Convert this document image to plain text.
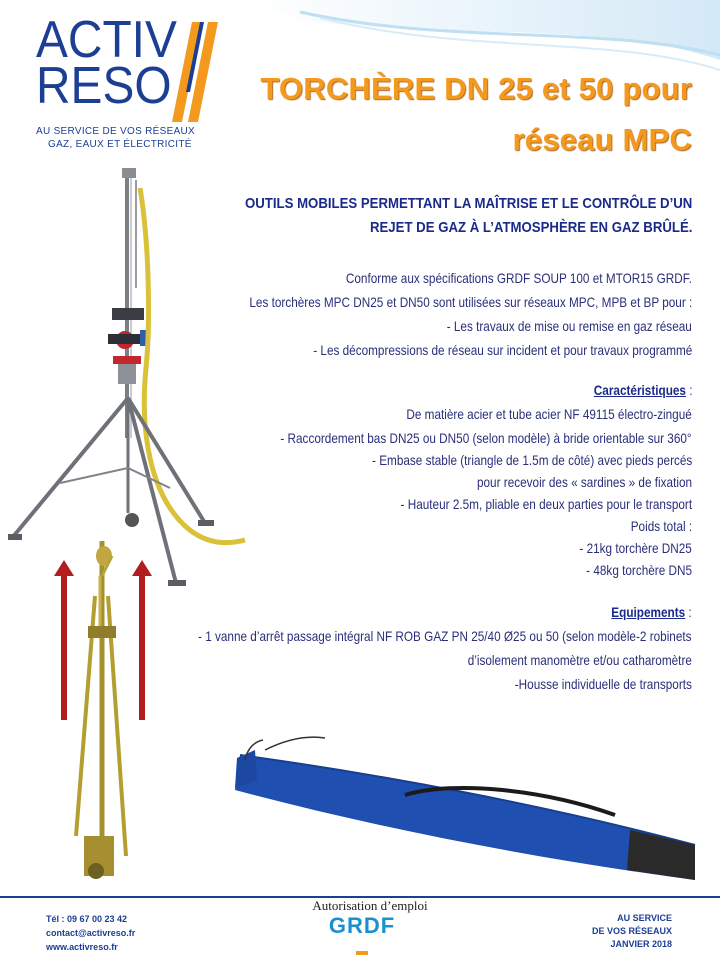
ACTIV
RESO
AU SERVICE DE VOS RÉSEAUX
GAZ, EAUX ET ÉLECTRICITÉ
TORCHÈRE DN 25 et 50 pour
réseau MPC
OUTILS MOBILES PERMETTANT LA MAÎTRISE ET LE CONTRÔLE D’UN
REJET DE GAZ À L’ATMOSPHÈRE EN GAZ BRÛLÉ.
Conforme aux spécifications GRDF SOUP 100 et MTOR15 GRDF.
Les torchères MPC DN25 et DN50 sont utilisées sur réseaux MPC, MPB et BP pour :
- Les travaux de mise ou remise en gaz réseau
- Les décompressions de réseau sur incident et pour travaux programmé
Caractéristiques :
De matière acier et tube acier NF 49115 électro-zingué
- Raccordement bas DN25 ou DN50 (selon modèle) à bride orientable sur 360°
- Embase stable (triangle de 1.5m de côté) avec pieds percés
pour recevoir des « sardines » de fixation
- Hauteur 2.5m, pliable en deux parties pour le transport
Poids total :
- 21kg torchère DN25
- 48kg torchère DN5
Equipements :
- 1 vanne d’arrêt passage intégral NF ROB GAZ PN 25/40 Ø25 ou 50 (selon modèle-2 robinets
d’isolement manomètre et/ou catharomètre
-Housse individuelle de transports
Tél : 09 67 00 23 42
contact@activreso.fr
www.activreso.fr
Autorisation d’emploi
GRDF	AU SERVICE
DE VOS RÉSEAUX
JANVIER 2018
